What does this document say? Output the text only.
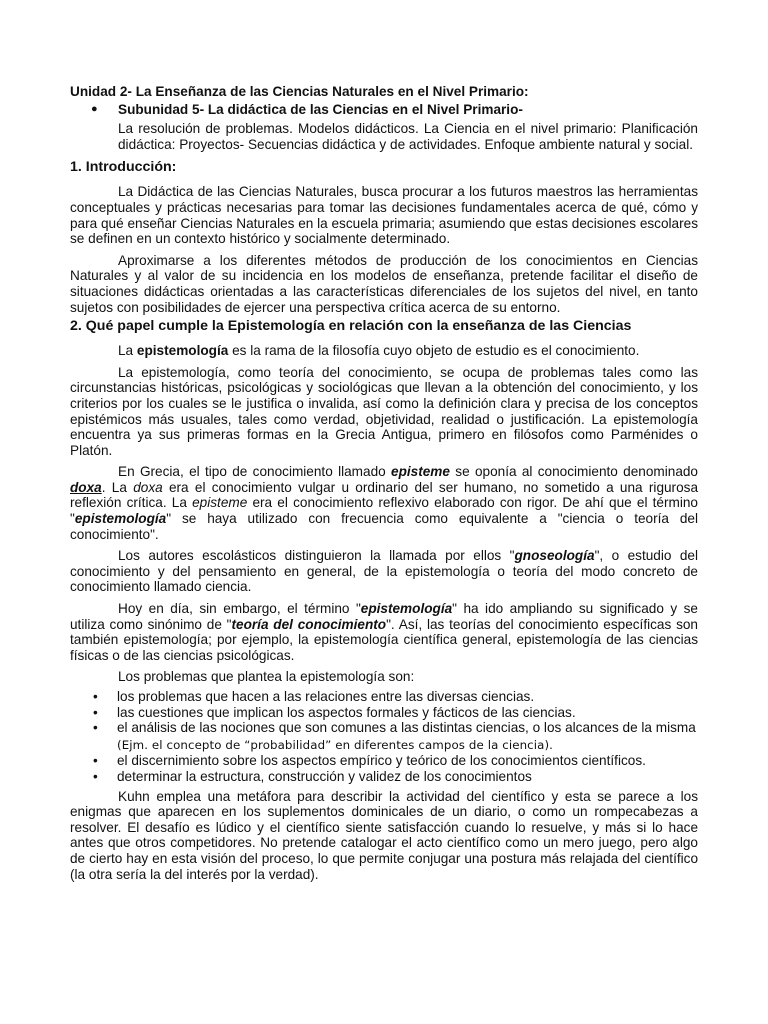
Unidad 2- La Enseñanza de las Ciencias Naturales en el Nivel Primario:
● Subunidad 5- La didáctica de las Ciencias en el Nivel Primario-
La resolución de problemas. Modelos didácticos. La Ciencia en el nivel primario: Planificación didáctica: Proyectos- Secuencias didáctica y de actividades. Enfoque ambiente natural y social.
1. Introducción:

La Didáctica de las Ciencias Naturales, busca procurar a los futuros maestros las herramientas conceptuales y prácticas necesarias para tomar las decisiones fundamentales acerca de qué, cómo y para qué enseñar Ciencias Naturales en la escuela primaria; asumiendo que estas decisiones escolares se definen en un contexto histórico y socialmente determinado.

Aproximarse a los diferentes métodos de producción de los conocimientos en Ciencias Naturales y al valor de su incidencia en los modelos de enseñanza, pretende facilitar el diseño de situaciones didácticas orientadas a las características diferenciales de los sujetos del nivel, en tanto sujetos con posibilidades de ejercer una perspectiva crítica acerca de su entorno.

2. Qué papel cumple la Epistemología en relación con la enseñanza de las Ciencias

La epistemología es la rama de la filosofía cuyo objeto de estudio es el conocimiento.

La epistemología, como teoría del conocimiento, se ocupa de problemas tales como las circunstancias históricas, psicológicas y sociológicas que llevan a la obtención del conocimiento, y los criterios por los cuales se le justifica o invalida, así como la definición clara y precisa de los conceptos epistémicos más usuales, tales como verdad, objetividad, realidad o justificación. La epistemología encuentra ya sus primeras formas en la Grecia Antigua, primero en filósofos como Parménides o Platón.

En Grecia, el tipo de conocimiento llamado episteme se oponía al conocimiento denominado doxa. La doxa era el conocimiento vulgar u ordinario del ser humano, no sometido a una rigurosa reflexión crítica. La episteme era el conocimiento reflexivo elaborado con rigor. De ahí que el término "epistemología" se haya utilizado con frecuencia como equivalente a "ciencia o teoría del conocimiento".

Los autores escolásticos distinguieron la llamada por ellos "gnoseología", o estudio del conocimiento y del pensamiento en general, de la epistemología o teoría del modo concreto de conocimiento llamado ciencia.

Hoy en día, sin embargo, el término "epistemología" ha ido ampliando su significado y se utiliza como sinónimo de "teoría del conocimiento". Así, las teorías del conocimiento específicas son también epistemología; por ejemplo, la epistemología científica general, epistemología de las ciencias físicas o de las ciencias psicológicas.

Los problemas que plantea la epistemología son:

• los problemas que hacen a las relaciones entre las diversas ciencias.
• las cuestiones que implican los aspectos formales y fácticos de las ciencias.
• el análisis de las nociones que son comunes a las distintas ciencias, o los alcances de la misma (Ejm. el concepto de “probabilidad” en diferentes campos de la ciencia).
• el discernimiento sobre los aspectos empírico y teórico de los conocimientos científicos.
• determinar la estructura, construcción y validez de los conocimientos

Kuhn emplea una metáfora para describir la actividad del científico y esta se parece a los enigmas que aparecen en los suplementos dominicales de un diario, o como un rompecabezas a resolver. El desafío es lúdico y el científico siente satisfacción cuando lo resuelve, y más si lo hace antes que otros competidores. No pretende catalogar el acto científico como un mero juego, pero algo de cierto hay en esta visión del proceso, lo que permite conjugar una postura más relajada del científico (la otra sería la del interés por la verdad).
